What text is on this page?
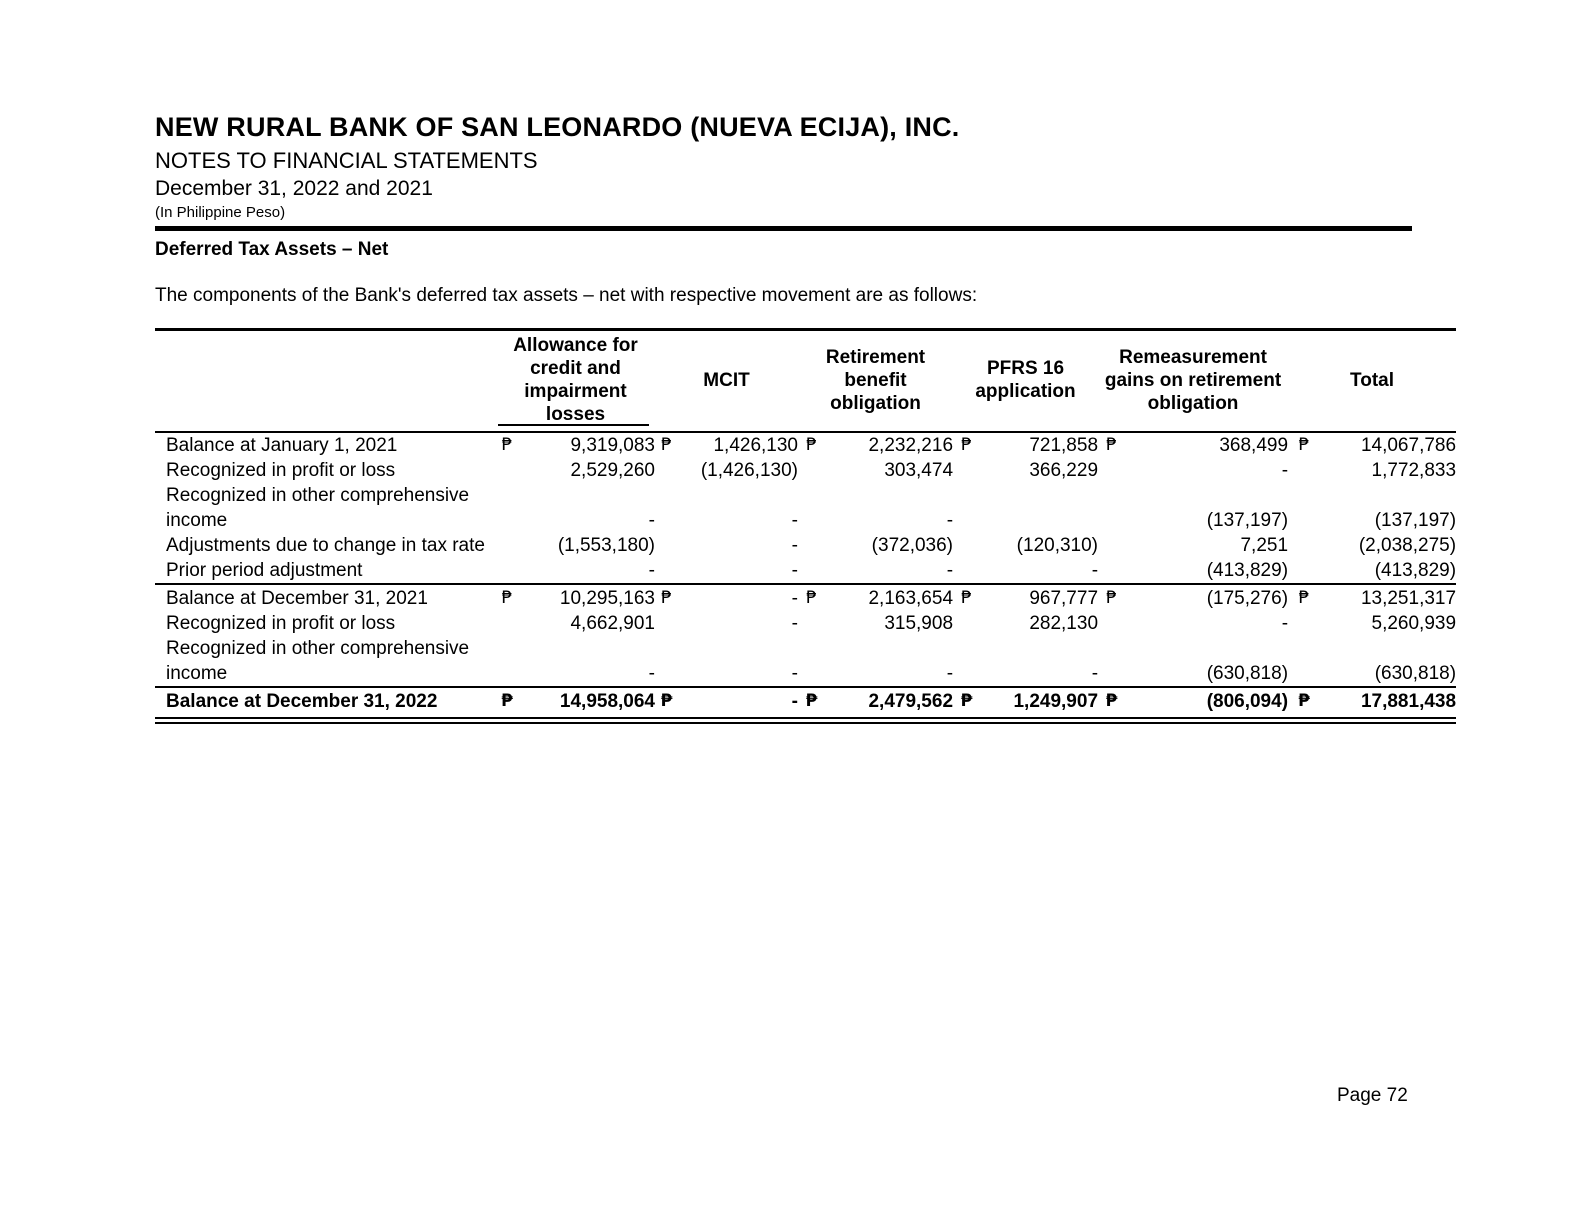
NEW RURAL BANK OF SAN LEONARDO (NUEVA ECIJA), INC.
NOTES TO FINANCIAL STATEMENTS
December 31, 2022 and 2021
(In Philippine Peso)
Deferred Tax Assets – Net
The components of the Bank's deferred tax assets – net with respective movement are as follows:
	Allowance for credit and impairment losses		MCIT		Retirement benefit obligation		PFRS 16 application		Remeasurement gains on retirement obligation		Total	
Balance at January 1, 2021	₱	9,319,083	₱	1,426,130	₱	2,232,216	₱	721,858	₱	368,499	₱	14,067,786
Recognized in profit or loss		2,529,260		(1,426,130)		303,474		366,229		-		1,772,833
Recognized in other comprehensive income		-		-		-				(137,197)		(137,197)
Adjustments due to change in tax rate		(1,553,180)		-		(372,036)		(120,310)		7,251		(2,038,275)
Prior period adjustment		-		-		-		-		(413,829)		(413,829)
Balance at December 31, 2021	₱	10,295,163	₱	-	₱	2,163,654	₱	967,777	₱	(175,276)	₱	13,251,317
Recognized in profit or loss		4,662,901		-		315,908		282,130		-		5,260,939
Recognized in other comprehensive income		-		-		-		-		(630,818)		(630,818)
Balance at December 31, 2022	₱	14,958,064	₱	-	₱	2,479,562	₱	1,249,907	₱	(806,094)	₱	17,881,438
Page 72
